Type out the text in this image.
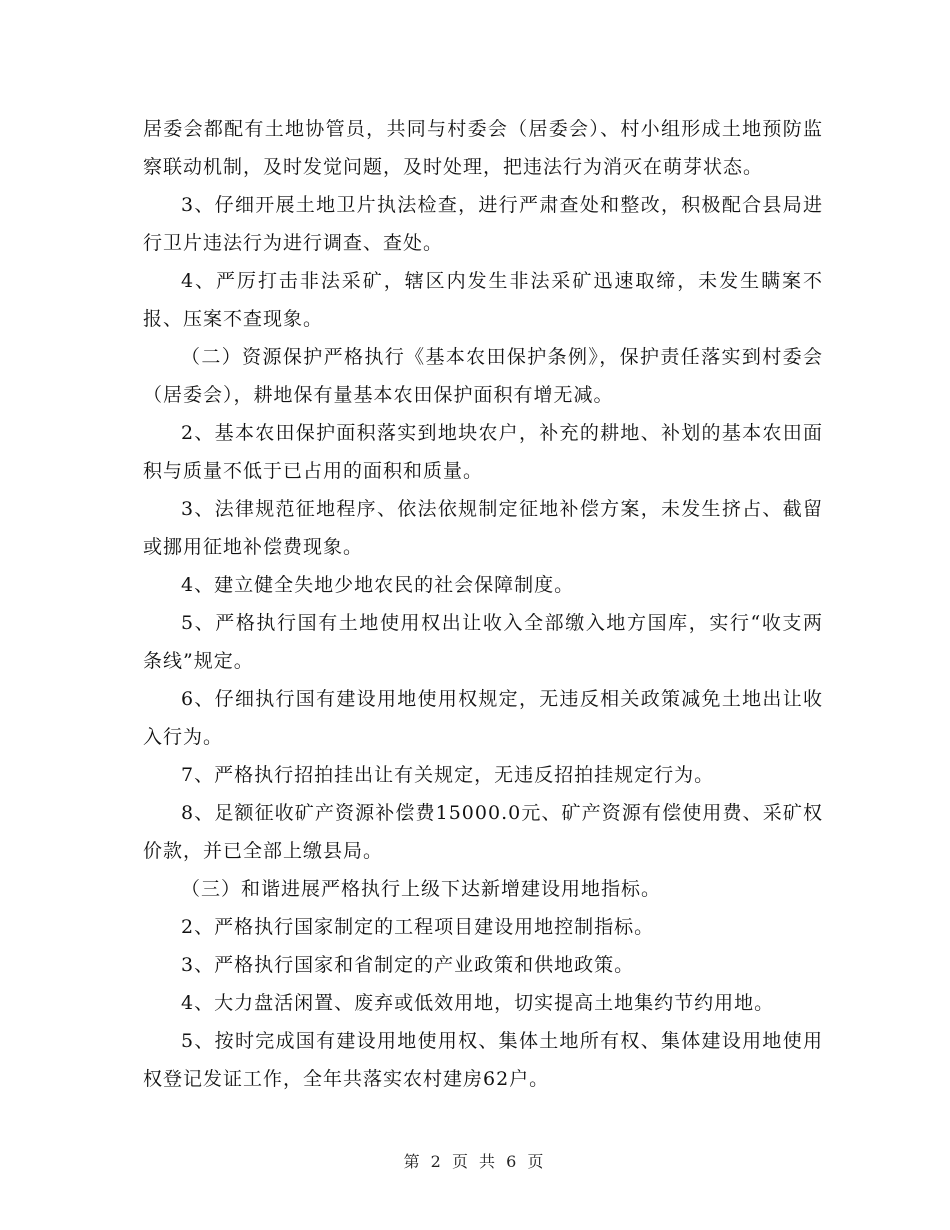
居委会都配有土地协管员，共同与村委会（居委会）、村小组形成土地预防监察联动机制，及时发觉问题，及时处理，把违法行为消灭在萌芽状态。

3、仔细开展土地卫片执法检查，进行严肃查处和整改，积极配合县局进行卫片违法行为进行调查、查处。

4、严厉打击非法采矿，辖区内发生非法采矿迅速取缔，未发生瞒案不报、压案不查现象。

（二）资源保护严格执行《基本农田保护条例》，保护责任落实到村委会（居委会），耕地保有量基本农田保护面积有增无减。

2、基本农田保护面积落实到地块农户，补充的耕地、补划的基本农田面积与质量不低于已占用的面积和质量。

3、法律规范征地程序、依法依规制定征地补偿方案，未发生挤占、截留或挪用征地补偿费现象。

4、建立健全失地少地农民的社会保障制度。

5、严格执行国有土地使用权出让收入全部缴入地方国库，实行“收支两条线”规定。

6、仔细执行国有建设用地使用权规定，无违反相关政策减免土地出让收入行为。

7、严格执行招拍挂出让有关规定，无违反招拍挂规定行为。

8、足额征收矿产资源补偿费15000.0元、矿产资源有偿使用费、采矿权价款，并已全部上缴县局。

（三）和谐进展严格执行上级下达新增建设用地指标。

2、严格执行国家制定的工程项目建设用地控制指标。

3、严格执行国家和省制定的产业政策和供地政策。

4、大力盘活闲置、废弃或低效用地，切实提高土地集约节约用地。

5、按时完成国有建设用地使用权、集体土地所有权、集体建设用地使用权登记发证工作，全年共落实农村建房62户。

第 2 页 共 6 页
